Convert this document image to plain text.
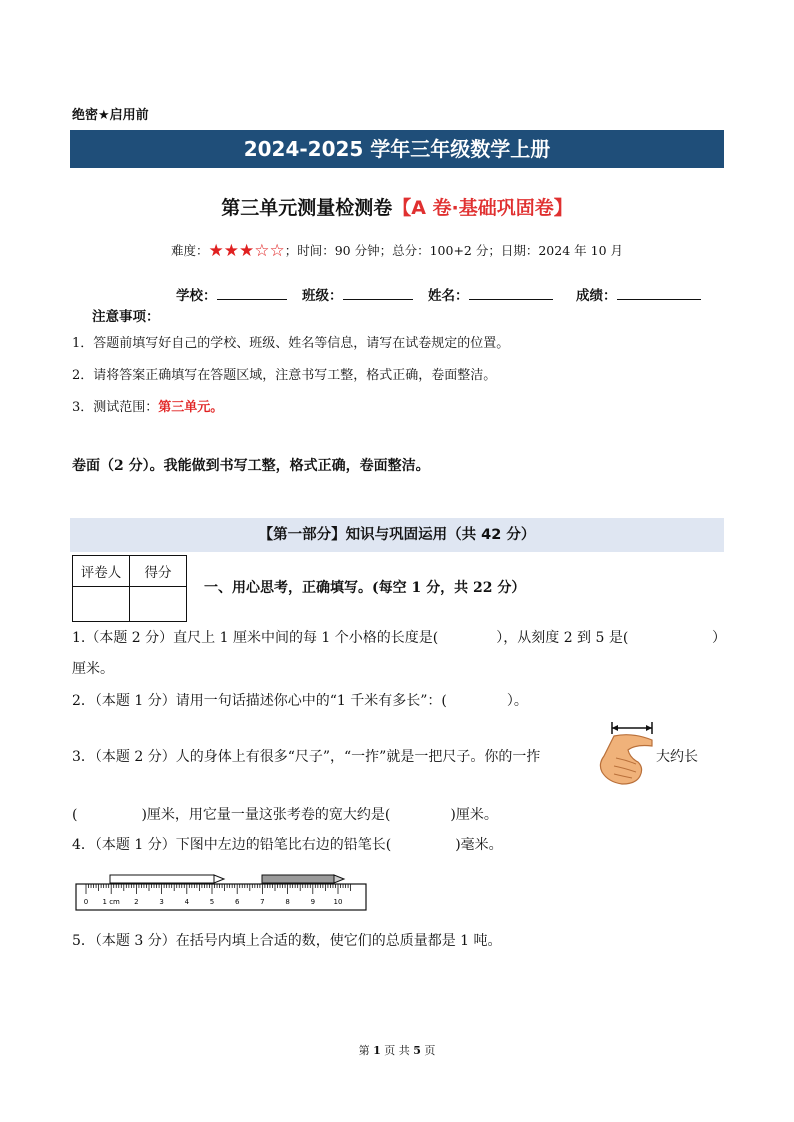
绝密★启用前
2024-2025 学年三年级数学上册
第三单元测量检测卷【A 卷·基础巩固卷】
难度：★★★☆☆；时间：90 分钟；总分：100+2 分；日期：2024 年 10 月
学校：	班级：	姓名：	成绩：
注意事项：
1．答题前填写好自己的学校、班级、姓名等信息，请写在试卷规定的位置。
2．请将答案正确填写在答题区域，注意书写工整，格式正确，卷面整洁。
3．测试范围：第三单元。
卷面（2 分）。我能做到书写工整，格式正确，卷面整洁。
【第一部分】知识与巩固运用（共 42 分）
评卷人	得分

一、用心思考，正确填写。(每空 1 分，共 22 分）
1.（本题 2 分）直尺上 1 厘米中间的每 1 个小格的长度是(	），从刻度 2 到 5 是(	）
厘米。
2．（本题 1 分）请用一句话描述你心中的“1 千米有多长”：(	）。
3．（本题 2 分）人的身体上有很多“尺子”，“一拃”就是一把尺子。你的一拃	大约长
(	)厘米，用它量一量这张考卷的宽大约是(	)厘米。
4．（本题 1 分）下图中左边的铅笔比右边的铅笔长(	)毫米。
0 1 cm 2	3	4	5	6	7	8	9	10
5．（本题 3 分）在括号内填上合适的数，使它们的总质量都是 1 吨。
第 1 页 共 5 页
